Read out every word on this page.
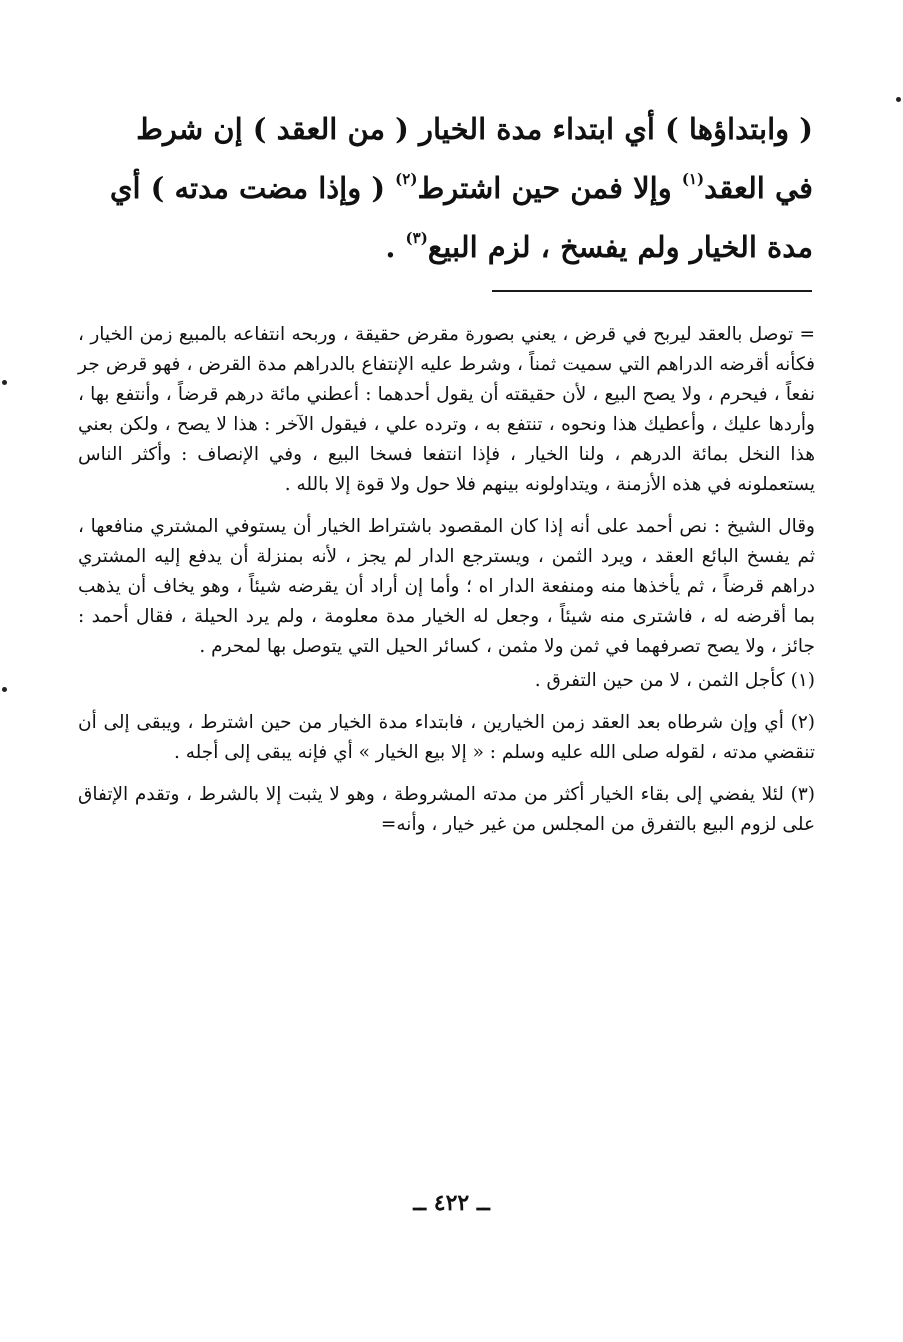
( وابتداؤها ) أي ابتداء مدة الخيار ( من العقد ) إن شرط

في العقد$^{(١)}$ وإلا فمن حين اشترط$^{(٢)}$ ( وإذا مضت مدته ) أي

مدة الخيار ولم يفسخ ، لزم البيع$^{(٣)}$ .

= توصل بالعقد ليربح في قرض ، يعني بصورة مقرض حقيقة ، وربحه انتفاعه بالمبيع زمن الخيار ، فكأنه أقرضه الدراهم التي سميت ثمناً ، وشرط عليه الإنتفاع بالدراهم مدة القرض ، فهو قرض جر نفعاً ، فيحرم ، ولا يصح البيع ، لأن حقيقته أن يقول أحدهما : أعطني مائة درهم قرضاً ، وأنتفع بها ، وأردها عليك ، وأعطيك هذا ونحوه ، تنتفع به ، وترده علي ، فيقول الآخر : هذا لا يصح ، ولكن بعني هذا النخل بمائة الدرهم ، ولنا الخيار ، فإذا انتفعا فسخا البيع ، وفي الإنصاف : وأكثر الناس يستعملونه في هذه الأزمنة ، ويتداولونه بينهم فلا حول ولا قوة إلا بالله .

وقال الشيخ : نص أحمد على أنه إذا كان المقصود باشتراط الخيار أن يستوفي المشتري منافعها ، ثم يفسخ البائع العقد ، ويرد الثمن ، ويسترجع الدار لم يجز ، لأنه بمنزلة أن يدفع إليه المشتري دراهم قرضاً ، ثم يأخذها منه ومنفعة الدار اه ؛ وأما إن أراد أن يقرضه شيئاً ، وهو يخاف أن يذهب بما أقرضه له ، فاشترى منه شيئاً ، وجعل له الخيار مدة معلومة ، ولم يرد الحيلة ، فقال أحمد : جائز ، ولا يصح تصرفهما في ثمن ولا مثمن ، كسائر الحيل التي يتوصل بها لمحرم .

(١) كأجل الثمن ، لا من حين التفرق .

(٢) أي وإن شرطاه بعد العقد زمن الخيارين ، فابتداء مدة الخيار من حين اشترط ، ويبقى إلى أن تنقضي مدته ، لقوله صلى الله عليه وسلم : « إلا بيع الخيار » أي فإنه يبقى إلى أجله .

(٣) لئلا يفضي إلى بقاء الخيار أكثر من مدته المشروطة ، وهو لا يثبت إلا بالشرط ، وتقدم الإتفاق على لزوم البيع بالتفرق من المجلس من غير خيار ، وأنه=

ــ ٤٢٢ ــ
